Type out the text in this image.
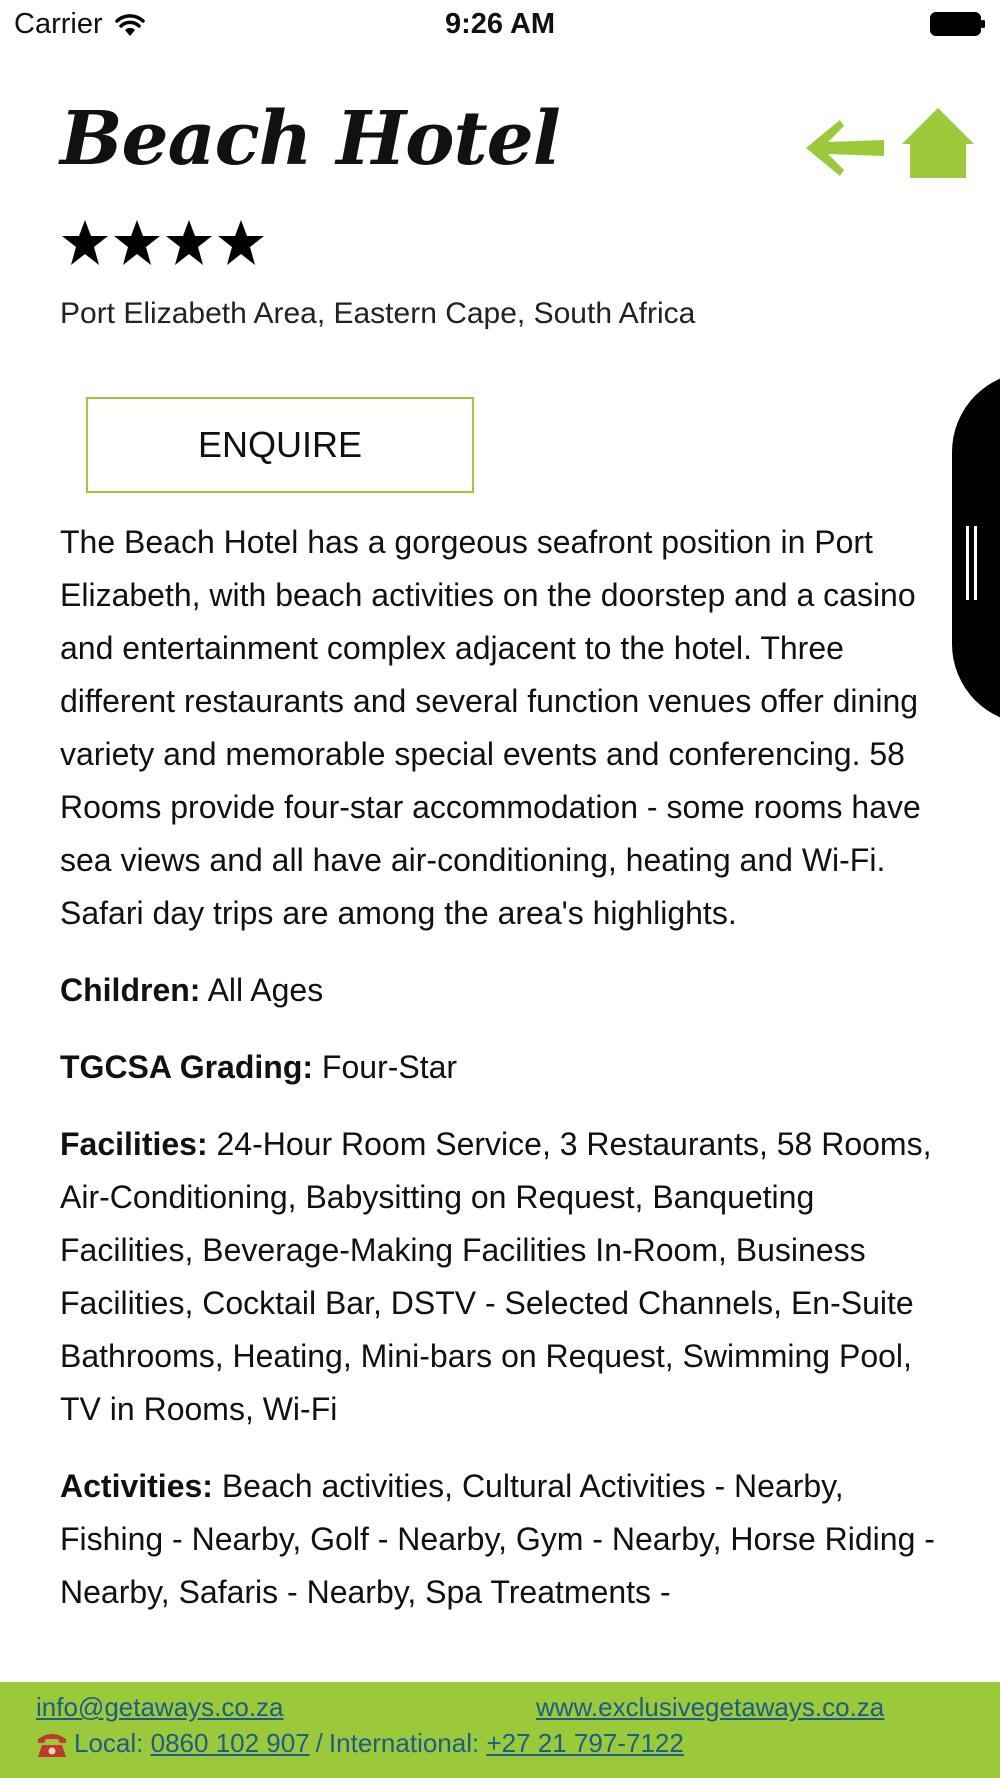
Carrier	9:26 AM
Beach Hotel
Port Elizabeth Area, Eastern Cape, South Africa
ENQUIRE

The Beach Hotel has a gorgeous seafront position in Port Elizabeth, with beach activities on the doorstep and a casino and entertainment complex adjacent to the hotel. Three different restaurants and several function venues offer dining variety and memorable special events and conferencing. 58 Rooms provide four-star accommodation - some rooms have sea views and all have air-conditioning, heating and Wi-Fi. Safari day trips are among the area's highlights.

Children: All Ages

TGCSA Grading: Four-Star

Facilities: 24-Hour Room Service, 3 Restaurants, 58 Rooms, Air-Conditioning, Babysitting on Request, Banqueting Facilities, Beverage-Making Facilities In-Room, Business Facilities, Cocktail Bar, DSTV - Selected Channels, En-Suite Bathrooms, Heating, Mini-bars on Request, Swimming Pool, TV in Rooms, Wi-Fi

Activities: Beach activities, Cultural Activities - Nearby, Fishing - Nearby, Golf - Nearby, Gym - Nearby, Horse Riding - Nearby, Safaris - Nearby, Spa Treatments -

info@getaways.co.za	www.exclusivegetaways.co.za
Local:
0860 102 907 / International:
+27 21 797-7122
